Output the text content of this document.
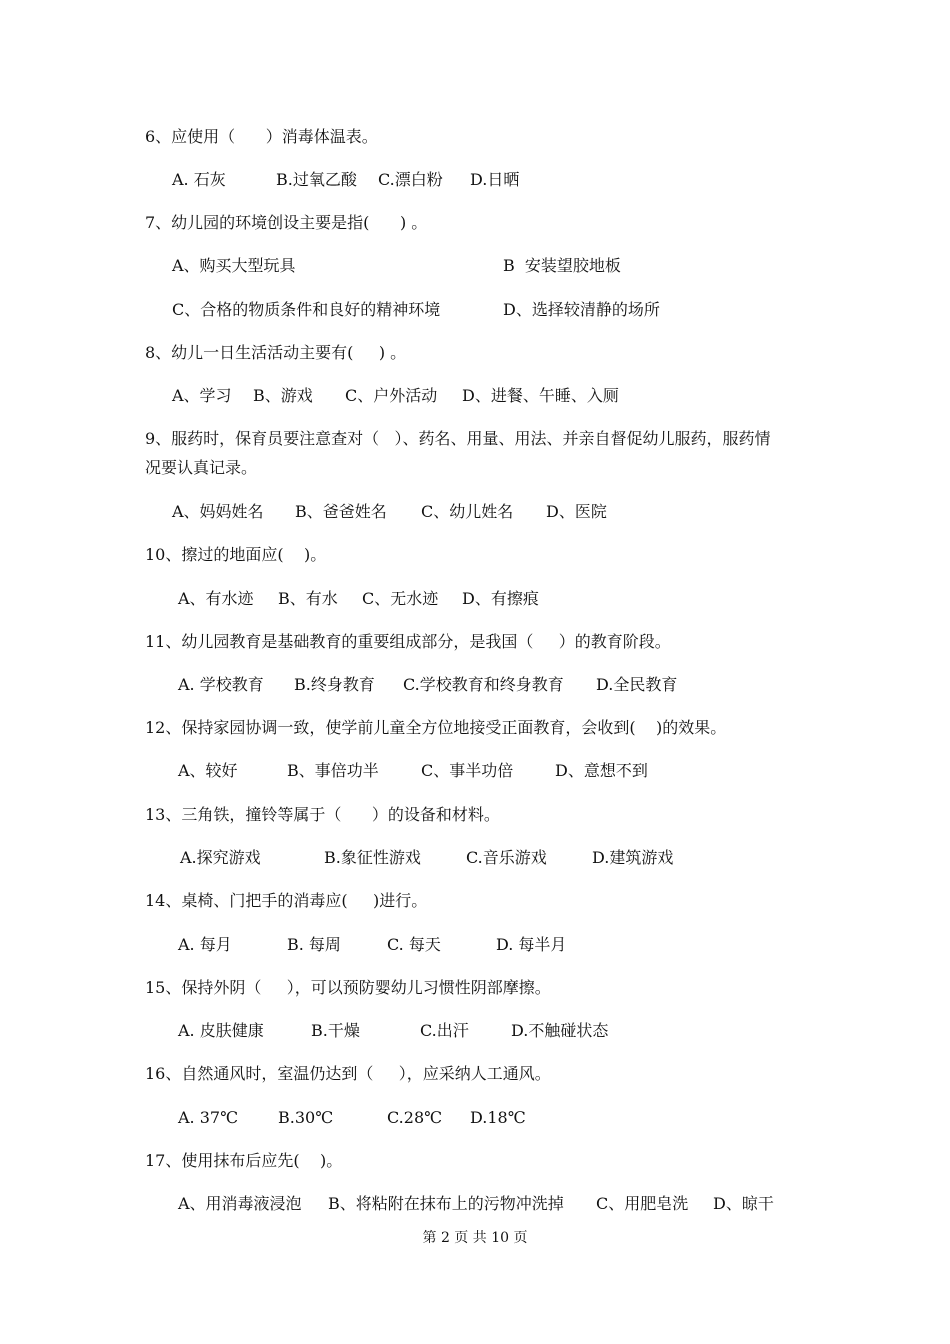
6、应使用（      ）消毒体温表。
A. 石灰	B.过氧乙酸 C.漂白粉 D.日晒
7、幼儿园的环境创设主要是指(      ) 。
A、购买大型玩具	B  安装望胶地板
C、合格的物质条件和良好的精神环境	D、选择较清静的场所
8、幼儿一日生活活动主要有(     ) 。
A、学习 B、游戏 C、户外活动 D、进餐、午睡、入厕
9、服药时，保育员要注意查对（   ）、药名、用量、用法、并亲自督促幼儿服药，服药情
况要认真记录。
A、妈妈姓名 B、爸爸姓名 C、幼儿姓名 D、医院
10、擦过的地面应(    )。
A、有水迹 B、有水 C、无水迹 D、有擦痕
11、幼儿园教育是基础教育的重要组成部分，是我国（     ）的教育阶段。
A. 学校教育 B.终身教育 C.学校教育和终身教育 D.全民教育
12、保持家园协调一致，使学前儿童全方位地接受正面教育，会收到(    )的效果。
A、较好	B、事倍功半	C、事半功倍	D、意想不到
13、三角铁，撞铃等属于（      ）的设备和材料。
A.探究游戏	B.象征性游戏	C.音乐游戏	D.建筑游戏
14、桌椅、门把手的消毒应(     )进行。
A. 每月	B. 每周	C. 每天	D. 每半月
15、保持外阴（     ），可以预防婴幼儿习惯性阴部摩擦。
A. 皮肤健康	B.干燥	C.出汗	D.不触碰状态
16、自然通风时，室温仍达到（     ），应采纳人工通风。
A. 37℃	B.30℃	C.28℃ D.18℃
17、使用抹布后应先(    )。
A、用消毒液浸泡 B、将粘附在抹布上的污物冲洗掉 C、用肥皂洗 D、晾干
第 2 页 共 10 页
